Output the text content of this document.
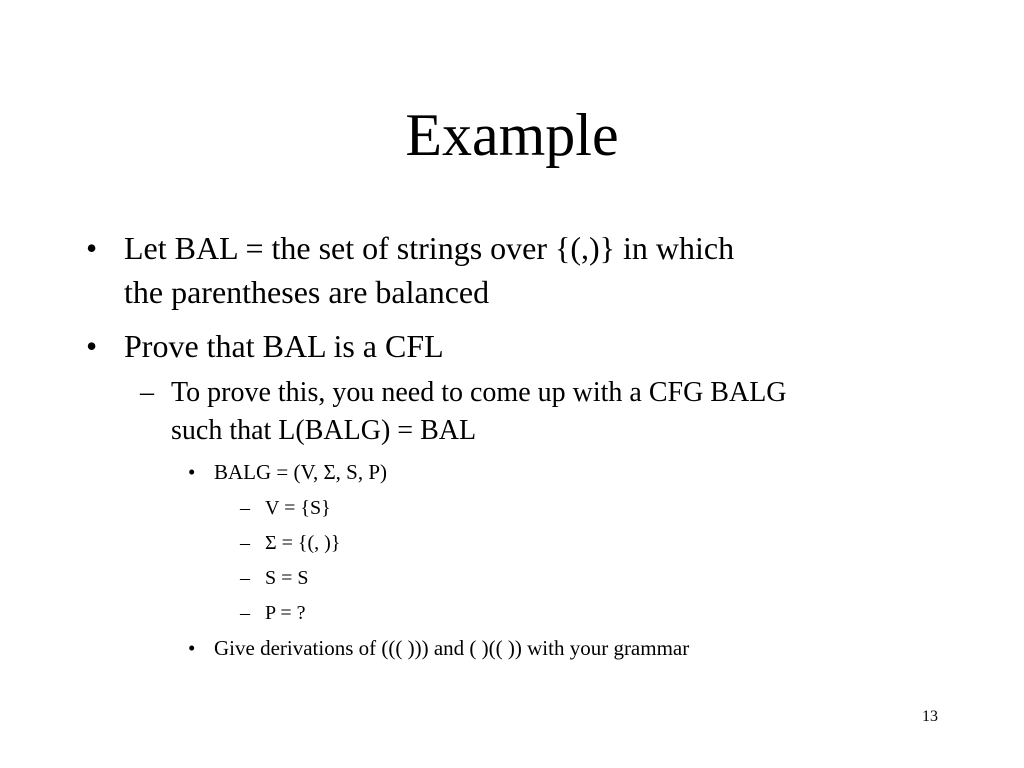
Example
• Let BAL = the set of strings over {(,)} in which
the parentheses are balanced
• Prove that BAL is a CFL
– To prove this, you need to come up with a CFG BALG
such that L(BALG) = BAL
• BALG = (V, Σ, S, P)
– V = {S}
– Σ = {(, )}
– S = S
– P = ?
• Give derivations of ((( ))) and ( )(( )) with your grammar
13
